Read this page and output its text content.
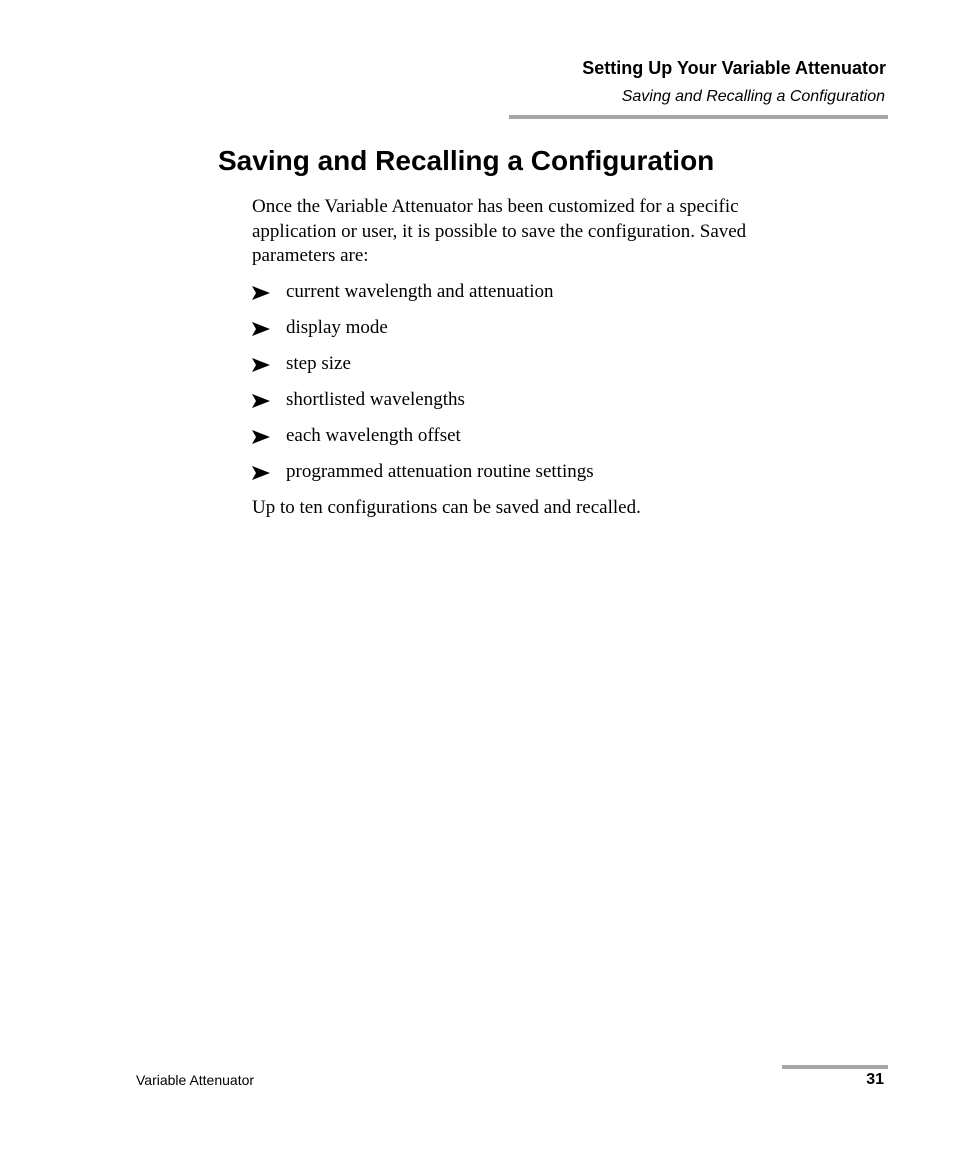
Setting Up Your Variable Attenuator
Saving and Recalling a Configuration
Saving and Recalling a Configuration

Once the Variable Attenuator has been customized for a specific application or user, it is possible to save the configuration. Saved parameters are:

current wavelength and attenuation
display mode
step size
shortlisted wavelengths
each wavelength offset
programmed attenuation routine settings

Up to ten configurations can be saved and recalled.

Variable Attenuator	31
